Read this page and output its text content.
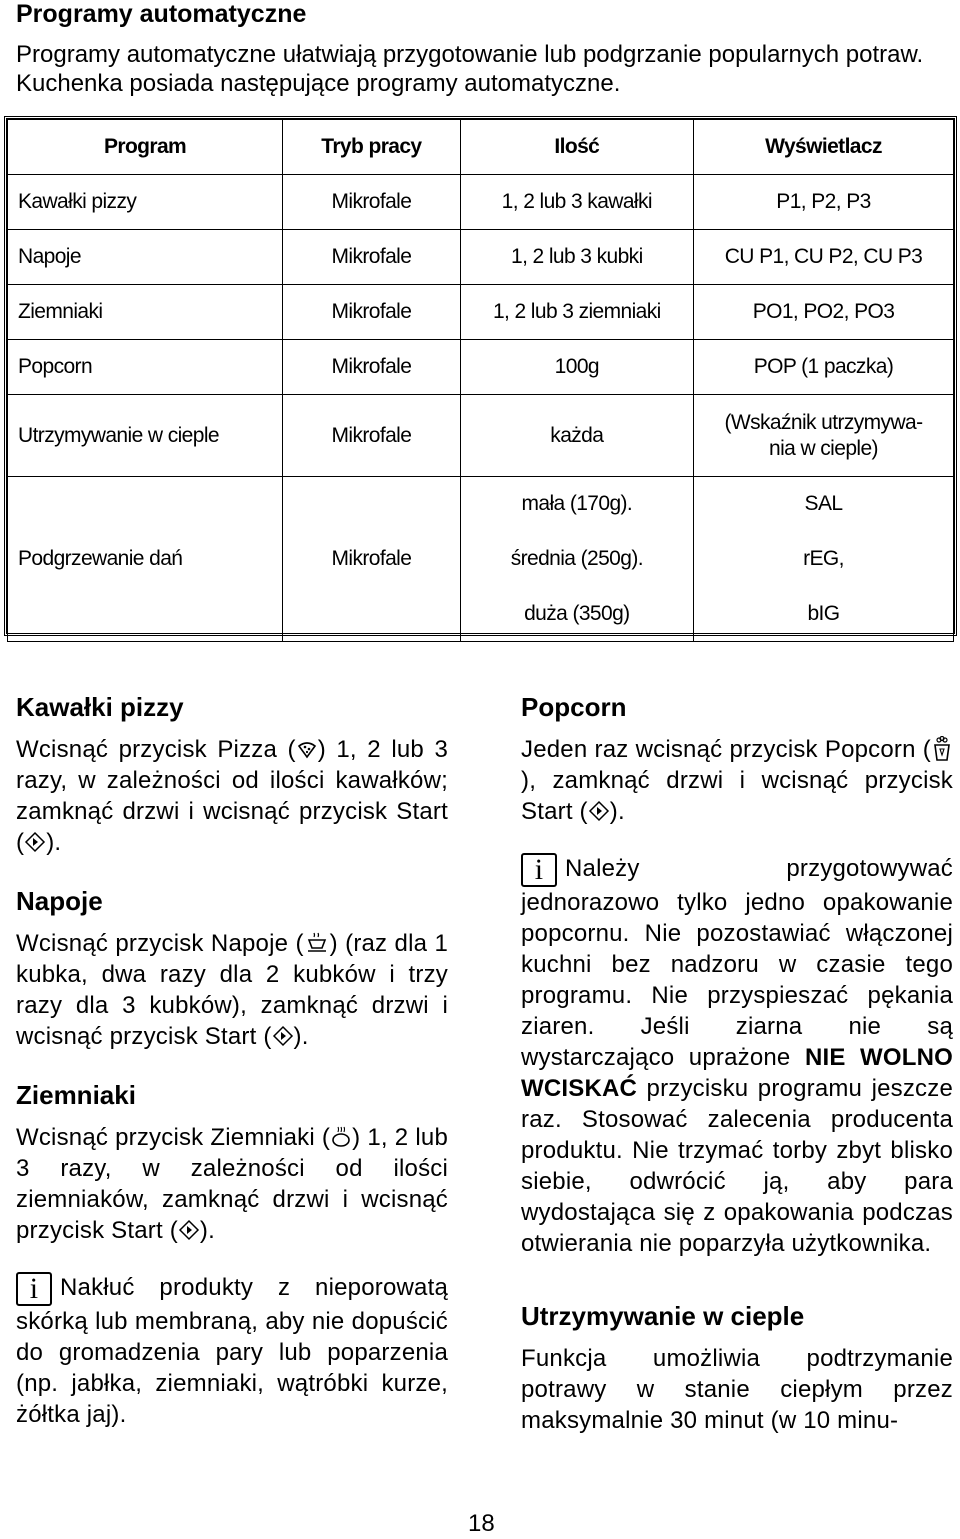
Programy automatyczne

Programy automatyczne ułatwiają przygotowanie lub podgrzanie popularnych potraw. Kuchenka posiada następujące programy automatyczne.

Program	Tryb pracy	Ilość	Wyświetlacz
Kawałki pizzy	Mikrofale	1, 2 lub 3 kawałki	P1, P2, P3
Napoje	Mikrofale	1, 2 lub 3 kubki	CU P1, CU P2, CU P3
Ziemniaki	Mikrofale	1, 2 lub 3 ziemniaki	PO1, PO2, PO3
Popcorn	Mikrofale	100g	POP (1 paczka)
Utrzymywanie w cieple	Mikrofale	każda	(Wskaźnik utrzymywa-nia w cieple)
Podgrzewanie dań	Mikrofale	mała (170g).	SAL
		średnia (250g).	rEG,
		duża (350g)	bIG
Kawałki pizzy

Wcisnąć przycisk Pizza ( ) 1, 2 lub 3 razy, w zależności od ilości kawałków; zamknąć drzwi i wcisnąć przycisk Start ( ).

Napoje

Wcisnąć przycisk Napoje ( ) (raz dla 1 kubka, dwa razy dla 2 kubków i trzy razy dla 3 kubków), zamknąć drzwi i wcisnąć przycisk Start ( ).

Ziemniaki

Wcisnąć przycisk Ziemniaki ( ) 1, 2 lub 3 razy, w zależności od ilości ziemniaków, zamknąć drzwi i wcisnąć przycisk Start ( ).

i Nakłuć produkty z nieporowatą skórką lub membraną, aby nie dopuścić do gromadzenia pary lub poparzenia (np. jabłka, ziemniaki, wątróbki kurze, żółtka jaj).

Popcorn

Jeden raz wcisnąć przycisk Popcorn (), zamknąć drzwi i wcisnąć przycisk Start ( ).

i Należy przygotowywać jednorazowo tylko jedno opakowanie popcornu. Nie pozostawiać włączonej kuchni bez nadzoru w czasie tego programu. Nie przyspieszać pękania ziaren. Jeśli ziarna nie są wystarczająco uprażone NIE WOLNO WCISKAĆ przycisku programu jeszcze raz. Stosować zalecenia producenta produktu. Nie trzymać torby zbyt blisko siebie, odwrócić ją, aby para wydostająca się z opakowania podczas otwierania nie poparzyła użytkownika.

Utrzymywanie w cieple

Funkcja umożliwia podtrzymanie potrawy w stanie ciepłym przez maksymalnie 30 minut (w 10 minu-

18
